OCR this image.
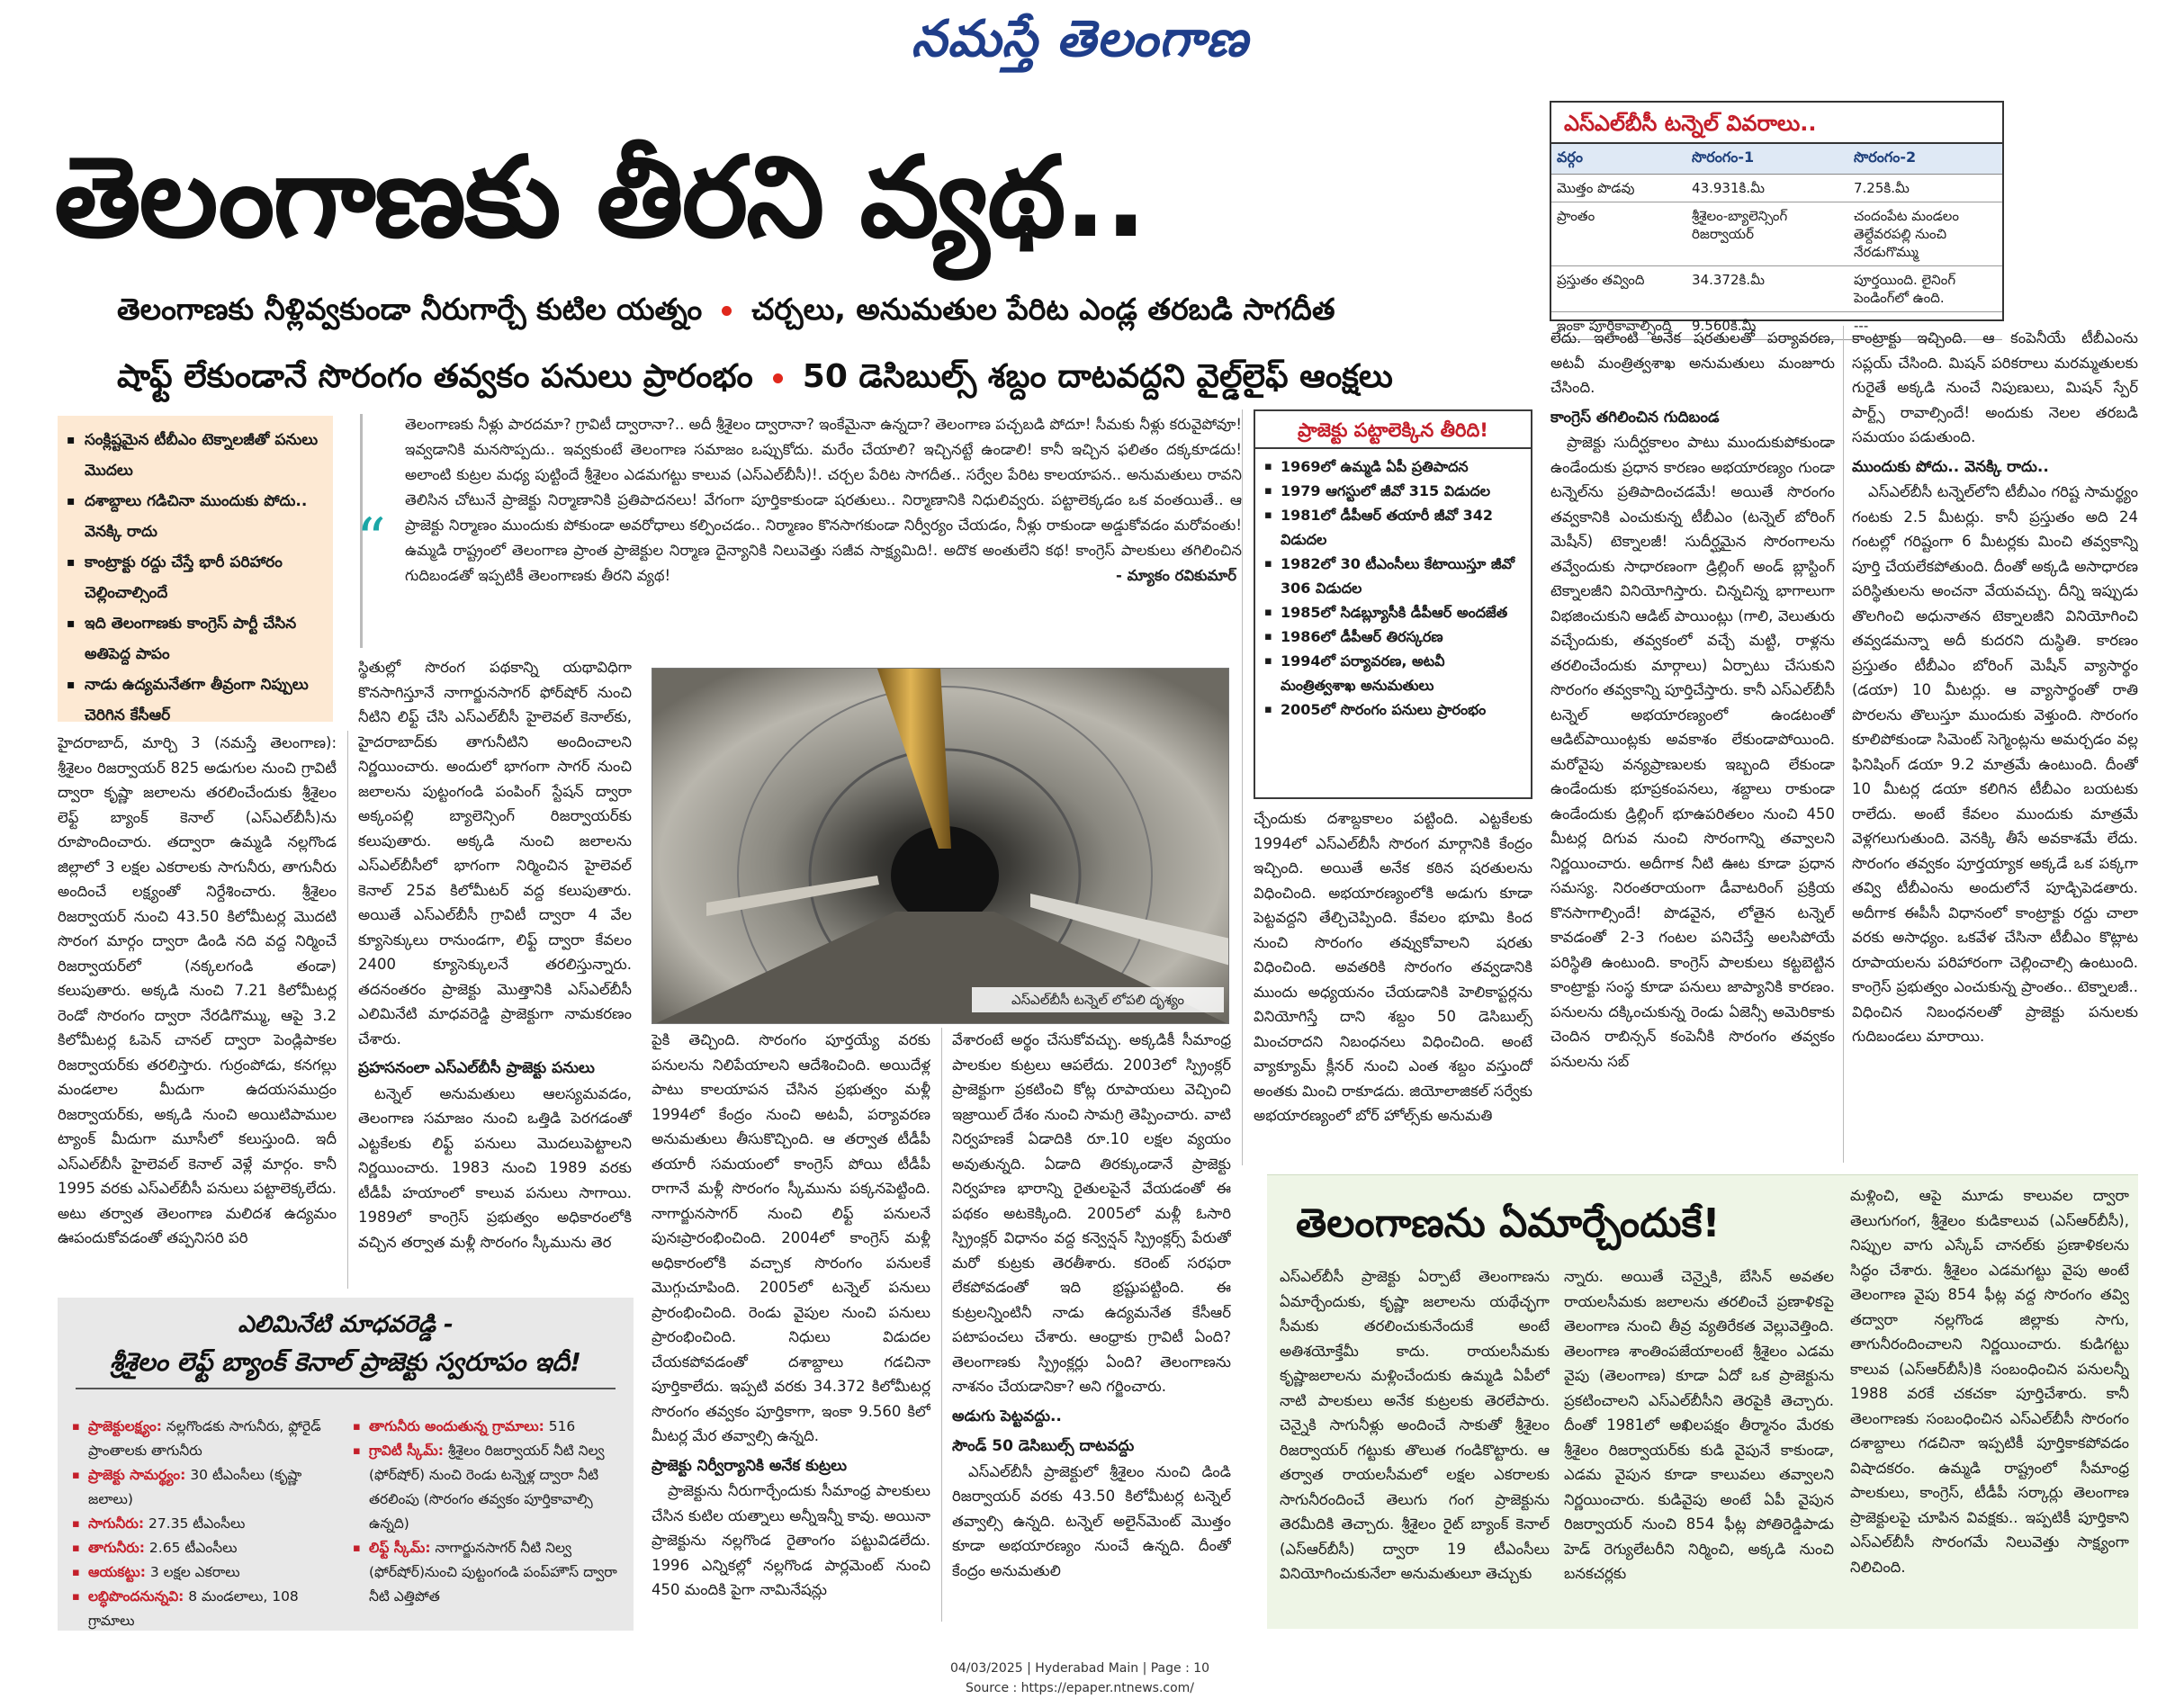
నమస్తే తెలంగాణ
తెలంగాణకు తీరని వ్యథ..
తెలంగాణకు నీళ్లివ్వకుండా నీరుగార్చే కుటిల యత్నం చర్చలు, అనుమతుల పేరిట ఎండ్ల తరబడి సాగదీత
షాఫ్ట్ లేకుండానే సొరంగం తవ్వకం పనులు ప్రారంభం 50 డెసిబుల్స్ శబ్దం దాటవద్దని వైల్డ్‌లైఫ్ ఆంక్షలు
ఎస్‌ఎల్‌బీసీ టన్నెల్ వివరాలు..
వర్గం	సొరంగం-1	సొరంగం-2
మొత్తం పొడవు	43.931కి.మీ	7.25కి.మీ
ప్రాంతం	శ్రీశైలం-బ్యాలెన్సింగ్ రిజర్వాయర్	చందంపేట మండలం తెల్దేవరపల్లి నుంచి నేరడుగొమ్ము
ప్రస్తుతం తవ్వింది	34.372కి.మీ	పూర్తయింది. లైనింగ్ పెండింగ్‌లో ఉంది.
ఇంకా పూర్తికావాల్సింది	9.560కి.మీ	---
▪ సంక్లిష్టమైన టీబీఎం టెక్నాలజీతో పనులు మొదలు
▪ దశాబ్దాలు గడిచినా ముందుకు పోదు.. వెనక్కి రాదు
▪ కాంట్రాక్టు రద్దు చేస్తే భారీ పరిహారం చెల్లించాల్సిందే
▪ ఇది తెలంగాణకు కాంగ్రెస్ పార్టీ చేసిన అతిపెద్ద పాపం
▪ నాడు ఉద్యమనేతగా తీవ్రంగా నిప్పులు చెరిగిన కేసీఆర్
“
తెలంగాణకు నీళ్లు పారదమా? గ్రావిటీ ద్వారానా?.. అదీ శ్రీశైలం ద్వారానా? ఇంకేమైనా ఉన్నదా? తెలంగాణ పచ్చబడి పోదూ! సీమకు నీళ్లు కరువైపోవూ! ఇవ్వడానికి మనసొప్పదు.. ఇవ్వకుంటే తెలంగాణ సమాజం ఒప్పుకోదు. మరేం చేయాలి? ఇచ్చినట్టే ఉండాలి! కానీ ఇచ్చిన ఫలితం దక్కకూడదు! అలాంటి కుట్రల మధ్య పుట్టిందే శ్రీశైలం ఎడమగట్టు కాలువ (ఎస్‌ఎల్‌బీసీ)!. చర్చల పేరిట సాగదీత.. సర్వేల పేరిట కాలయాపన.. అనుమతులు రావని తెలిసిన చోటునే ప్రాజెక్టు నిర్మాణానికి ప్రతిపాదనలు! వేగంగా పూర్తికాకుండా షరతులు.. నిర్మాణానికి నిధులివ్వరు. పట్టాలెక్కడం ఒక వంతయితే.. ఆ ప్రాజెక్టు నిర్మాణం ముందుకు పోకుండా అవరోధాలు కల్పించడం.. నిర్మాణం కొనసాగకుండా నిర్వీర్యం చేయడం, నీళ్లు రాకుండా అడ్డుకోవడం మరోవంతు! ఉమ్మడి రాష్ట్రంలో తెలంగాణ ప్రాంత ప్రాజెక్టుల నిర్మాణ దైన్యానికి నిలువెత్తు సజీవ సాక్ష్యమిది!. అదొక అంతులేని కథ! కాంగ్రెస్ పాలకులు తగిలించిన గుదిబండతో ఇప్పటికీ తెలంగాణకు తీరని వ్యథ!	- మ్యాకం రవికుమార్

హైదరాబాద్, మార్చి 3 (నమస్తే తెలంగాణ): శ్రీశైలం రిజర్వాయర్ 825 అడుగుల నుంచి గ్రావిటీ ద్వారా కృష్ణా జలాలను తరలించేందుకు శ్రీశైలం లెఫ్ట్ బ్యాంక్ కెనాల్ (ఎస్‌ఎల్‌బీసీ)ను రూపొందించారు. తద్వారా ఉమ్మడి నల్లగొండ జిల్లాలో 3 లక్షల ఎకరాలకు సాగునీరు, తాగునీరు అందించే లక్ష్యంతో నిర్దేశించారు. శ్రీశైలం రిజర్వాయర్ నుంచి 43.50 కిలోమీటర్ల మొదటి సొరంగ మార్గం ద్వారా డిండి నది వద్ద నిర్మించే రిజర్వాయర్‌లో (నక్కలగండి తండా) కలుపుతారు. అక్కడి నుంచి 7.21 కిలోమీటర్ల రెండో సొరంగం ద్వారా నేరడిగొమ్ము, ఆపై 3.2 కిలోమీటర్ల ఓపెన్ చానల్ ద్వారా పెండ్లిపాకల రిజర్వాయర్‌కు తరలిస్తారు. గుర్రంపోడు, కనగల్లు మండలాల మీదుగా ఉదయసముద్రం రిజర్వాయర్‌కు, అక్కడి నుంచి అయిటిపాముల ట్యాంక్ మీదుగా మూసీలో కలుస్తుంది. ఇదీ ఎస్‌ఎల్‌బీసీ హైలెవల్ కెనాల్ వెళ్లే మార్గం. కానీ 1995 వరకు ఎస్‌ఎల్‌బీసీ పనులు పట్టాలెక్కలేదు. అటు తర్వాత తెలంగాణ మలిదశ ఉద్యమం ఊపందుకోవడంతో తప్పనిసరి పరి

స్థితుల్లో సొరంగ పథకాన్ని యథావిధిగా కొనసాగిస్తూనే నాగార్జునసాగర్ ఫోర్‌షోర్ నుంచి నీటిని లిఫ్ట్ చేసి ఎస్‌ఎల్‌బీసీ హైలెవల్ కెనాల్‌కు, హైదరాబాద్‌కు తాగునీటిని అందించాలని నిర్ణయించారు. అందులో భాగంగా సాగర్ నుంచి జలాలను పుట్టంగండి పంపింగ్ స్టేషన్ ద్వారా అక్కంపల్లి బ్యాలెన్సింగ్ రిజర్వాయర్‌కు కలుపుతారు. అక్కడి నుంచి జలాలను ఎస్‌ఎల్‌బీసీలో భాగంగా నిర్మించిన హైలెవల్ కెనాల్ 25వ కిలోమీటర్ వద్ద కలుపుతారు. అయితే ఎస్‌ఎల్‌బీసీ గ్రావిటీ ద్వారా 4 వేల క్యూసెక్కులు రానుండగా, లిఫ్ట్ ద్వారా కేవలం 2400 క్యూసెక్కులనే తరలిస్తున్నారు. తదనంతరం ప్రాజెక్టు మొత్తానికి ఎస్‌ఎల్‌బీసీ ఎలిమినేటి మాధవరెడ్డి ప్రాజెక్టుగా నామకరణం చేశారు.

ప్రహసనంలా ఎస్‌ఎల్‌బీసీ ప్రాజెక్టు పనులు

టన్నెల్ అనుమతులు ఆలస్యమవడం, తెలంగాణ సమాజం నుంచి ఒత్తిడి పెరగడంతో ఎట్టకేలకు లిఫ్ట్ పనులు మొదలుపెట్టాలని నిర్ణయించారు. 1983 నుంచి 1989 వరకు టీడీపీ హయాంలో కాలువ పనులు సాగాయి. 1989లో కాంగ్రెస్ ప్రభుత్వం అధికారంలోకి వచ్చిన తర్వాత మళ్లీ సొరంగం స్కీమును తెర

ఎస్‌ఎల్‌బీసీ టన్నెల్ లోపలి దృశ్యం

పైకి తెచ్చింది. సొరంగం పూర్తయ్యే వరకు పనులను నిలిపేయాలని ఆదేశించింది. అయిదేళ్ల పాటు కాలయాపన చేసిన ప్రభుత్వం మళ్లీ 1994లో కేంద్రం నుంచి అటవీ, పర్యావరణ అనుమతులు తీసుకొచ్చింది. ఆ తర్వాత టీడీపీ తయారీ సమయంలో కాంగ్రెస్ పోయి టీడీపీ రాగానే మళ్లీ సొరంగం స్కీమును పక్కనపెట్టింది. నాగార్జునసాగర్ నుంచి లిఫ్ట్ పనులనే పునఃప్రారంభించింది. 2004లో కాంగ్రెస్ మళ్లీ అధికారంలోకి వచ్చాక సొరంగం పనులకే మొగ్గుచూపింది. 2005లో టన్నెల్ పనులు ప్రారంభించింది. రెండు వైపుల నుంచి పనులు ప్రారంభించింది. నిధులు విడుదల చేయకపోవడంతో దశాబ్దాలు గడచినా పూర్తికాలేదు. ఇప్పటి వరకు 34.372 కిలోమీటర్ల సొరంగం తవ్వకం పూర్తికాగా, ఇంకా 9.560 కిలో మీటర్ల మేర తవ్వాల్సి ఉన్నది.

ప్రాజెక్టు నిర్వీర్యానికి అనేక కుట్రలు

ప్రాజెక్టును నీరుగార్చేందుకు సీమాంధ్ర పాలకులు చేసిన కుటిల యత్నాలు అన్నీఇన్నీ కావు. అయినా ప్రాజెక్టును నల్లగొండ రైతాంగం పట్టువిడలేదు. 1996 ఎన్నికల్లో నల్లగొండ పార్లమెంట్ నుంచి 450 మందికి పైగా నామినేషన్లు

వేశారంటే అర్థం చేసుకోవచ్చు. అక్కడికీ సీమాంధ్ర పాలకుల కుట్రలు ఆపలేదు. 2003లో స్ప్రింక్లర్ ప్రాజెక్టుగా ప్రకటించి కోట్ల రూపాయలు వెచ్చించి ఇజ్రాయిల్ దేశం నుంచి సామగ్రి తెప్పించారు. వాటి నిర్వహణకే ఏడాదికి రూ.10 లక్షల వ్యయం అవుతున్నది. ఏడాది తిరక్కుండానే ప్రాజెక్టు నిర్వహణ భారాన్ని రైతులపైనే వేయడంతో ఈ పథకం అటకెక్కింది. 2005లో మళ్లీ ఓసారి స్ప్రింక్లర్ విధానం వద్ద కన్వెన్షన్ స్ప్రింక్లర్స్ పేరుతో మరో కుట్రకు తెరతీశారు. కరెంట్ సరఫరా లేకపోవడంతో ఇది భ్రష్టుపట్టింది. ఈ కుట్రలన్నింటినీ నాడు ఉద్యమనేత కేసీఆర్ పటాపంచలు చేశారు. ఆంధ్రాకు గ్రావిటీ ఏంది? తెలంగాణకు స్ప్రింక్లర్లు ఏంది? తెలంగాణను నాశనం చేయడానికా? అని గర్జించారు.

అడుగు పెట్టవద్దు..

సౌండ్ 50 డెసిబుల్స్ దాటవద్దు

ఎస్‌ఎల్‌బీసీ ప్రాజెక్టులో శ్రీశైలం నుంచి డిండి రిజర్వాయర్ వరకు 43.50 కిలోమీటర్ల టన్నెల్ తవ్వాల్సి ఉన్నది. టన్నెల్ అలైన్‌మెంట్ మొత్తం కూడా అభయారణ్యం నుంచే ఉన్నది. దీంతో కేంద్రం అనుమతులి

ప్రాజెక్టు పట్టాలెక్కిన తీరిది!
▪ 1969లో ఉమ్మడి ఏపీ ప్రతిపాదన
▪ 1979 ఆగస్టులో జీవో 315 విడుదల
▪ 1981లో డీపీఆర్ తయారీ జీవో 342 విడుదల
▪ 1982లో 30 టీఎంసీలు కేటాయిస్తూ జీవో 306 విడుదల
▪ 1985లో సిడబ్ల్యూసీకి డీపీఆర్ అందజేత
▪ 1986లో డీపీఆర్ తిరస్కరణ
▪ 1994లో పర్యావరణ, అటవీ మంత్రిత్వశాఖ అనుమతులు
▪ 2005లో సొరంగం పనులు ప్రారంభం

చ్చేందుకు దశాబ్దకాలం పట్టింది. ఎట్టకేలకు 1994లో ఎస్‌ఎల్‌బీసీ సొరంగ మార్గానికి కేంద్రం ఇచ్చింది. అయితే అనేక కఠిన షరతులను విధించింది. అభయారణ్యంలోకి అడుగు కూడా పెట్టవద్దని తేల్చిచెప్పింది. కేవలం భూమి కింద నుంచి సొరంగం తవ్వుకోవాలని షరతు విధించింది. అవతరికి సొరంగం తవ్వడానికి ముందు అధ్యయనం చేయడానికి హెలికాప్టర్లను వినియోగిస్తే దాని శబ్దం 50 డెసిబుల్స్ మించరాదని నిబంధనలు విధించింది. అంటే వ్యాక్యూమ్ క్లీనర్ నుంచి ఎంత శబ్దం వస్తుందో అంతకు మించి రాకూడదు. జియోలాజికల్ సర్వేకు అభయారణ్యంలో బోర్ హోల్స్‌కు అనుమతి

లేదు. ఇలాంటి అనేక షరతులతో పర్యావరణ, అటవీ మంత్రిత్వశాఖ అనుమతులు మంజూరు చేసింది.

కాంగ్రెస్ తగిలించిన గుదిబండ

ప్రాజెక్టు సుదీర్ఘకాలం పాటు ముందుకుపోకుండా ఉండేందుకు ప్రధాన కారణం అభయారణ్యం గుండా టన్నెల్‌ను ప్రతిపాదించడమే! అయితే సొరంగం తవ్వకానికి ఎంచుకున్న టీబీఎం (టన్నెల్ బోరింగ్ మెషీన్) టెక్నాలజీ! సుదీర్ఘమైన సొరంగాలను తవ్వేందుకు సాధారణంగా డ్రిల్లింగ్ అండ్ బ్లాస్టింగ్ టెక్నాలజీని వినియోగిస్తారు. చిన్నచిన్న భాగాలుగా విభజించుకుని ఆడిట్ పాయింట్లు (గాలి, వెలుతురు వచ్చేందుకు, తవ్వకంలో వచ్చే మట్టి, రాళ్లను తరలించేందుకు మార్గాలు) ఏర్పాటు చేసుకుని సొరంగం తవ్వకాన్ని పూర్తిచేస్తారు. కానీ ఎస్‌ఎల్‌బీసీ టన్నెల్ అభయారణ్యంలో ఉండటంతో ఆడిట్‌పాయింట్లకు అవకాశం లేకుండాపోయింది. మరోవైపు వన్యప్రాణులకు ఇబ్బంది లేకుండా ఉండేందుకు భూప్రకంపనలు, శబ్దాలు రాకుండా ఉండేందుకు డ్రిల్లింగ్ భూఉపరితలం నుంచి 450 మీటర్ల దిగువ నుంచి సొరంగాన్ని తవ్వాలని నిర్ణయించారు. అదీగాక నీటి ఊట కూడా ప్రధాన సమస్య. నిరంతరాయంగా డీవాటరింగ్ ప్రక్రియ కొనసాగాల్సిందే! పొడవైన, లోతైన టన్నెల్ కావడంతో 2-3 గంటల పనిచేస్తే అలసిపోయే పరిస్థితి ఉంటుంది. కాంగ్రెస్ పాలకులు కట్టబెట్టిన కాంట్రాక్టు సంస్థ కూడా పనులు జాప్యానికి కారణం. పనులను దక్కించుకున్న రెండు ఏజెన్సీ అమెరికాకు చెందిన రాబిన్సన్ కంపెనీకి సొరంగం తవ్వకం పనులను సబ్

కాంట్రాక్టు ఇచ్చింది. ఆ కంపెనీయే టీబీఎంను సప్లయ్ చేసింది. మిషన్ పరికరాలు మరమ్మతులకు గురైతే అక్కడి నుంచే నిపుణులు, మిషన్ స్పేర్ పార్ట్స్ రావాల్సిందే! అందుకు నెలల తరబడి సమయం పడుతుంది.

ముందుకు పోదు.. వెనక్కి రాదు..

ఎస్‌ఎల్‌బీసీ టన్నెల్‌లోని టీబీఎం గరిష్ట సామర్థ్యం గంటకు 2.5 మీటర్లు. కానీ ప్రస్తుతం అది 24 గంటల్లో గరిష్టంగా 6 మీటర్లకు మించి తవ్వకాన్ని పూర్తి చేయలేకపోతుంది. దీంతో అక్కడి అసాధారణ పరిస్థితులను అంచనా వేయవచ్చు. దీన్ని ఇప్పుడు తొలగించి అధునాతన టెక్నాలజీని వినియోగించి తవ్వడమన్నా అదీ కుదరని దుస్థితి. కారణం ప్రస్తుతం టీబీఎం బోరింగ్ మెషీన్ వ్యాసార్థం (డయా) 10 మీటర్లు. ఆ వ్యాసార్థంతో రాతి పొరలను తొలుస్తూ ముందుకు వెళ్తుంది. సొరంగం కూలిపోకుండా సిమెంట్ సెగ్మెంట్లను అమర్చడం వల్ల ఫినిషింగ్ డయా 9.2 మాత్రమే ఉంటుంది. దీంతో 10 మీటర్ల డయా కలిగిన టీబీఎం బయటకు రాలేదు. అంటే కేవలం ముందుకు మాత్రమే వెళ్లగలుగుతుంది. వెనక్కి తీసే అవకాశమే లేదు. సొరంగం తవ్వకం పూర్తయ్యాక అక్కడే ఒక పక్కగా తవ్వి టీబీఎంను అందులోనే పూడ్చిపెడతారు. అదీగాక ఈపీసీ విధానంలో కాంట్రాక్టు రద్దు చాలా వరకు అసాధ్యం. ఒకవేళ చేసినా టీబీఎం కొట్లాట రూపాయలను పరిహారంగా చెల్లించాల్సి ఉంటుంది. కాంగ్రెస్ ప్రభుత్వం ఎంచుకున్న ప్రాంతం.. టెక్నాలజీ.. విధించిన నిబంధనలతో ప్రాజెక్టు పనులకు గుదిబండలు మారాయి.

ఎలిమినేటి మాధవరెడ్డి -
శ్రీశైలం లెఫ్ట్ బ్యాంక్ కెనాల్ ప్రాజెక్టు స్వరూపం ఇదీ!
▪ ప్రాజెక్టులక్ష్యం: నల్లగొండకు సాగునీరు, ఫ్లోరైడ్ ప్రాంతాలకు తాగునీరు
▪ ప్రాజెక్టు సామర్థ్యం: 30 టీఎంసీలు (కృష్ణా జలాలు)
▪ సాగునీరు: 27.35 టీఎంసీలు
▪ తాగునీరు: 2.65 టీఎంసీలు
▪ ఆయకట్టు: 3 లక్షల ఎకరాలు
▪ లబ్ధిపొందనున్నవి: 8 మండలాలు, 108 గ్రామాలు
▪ తాగునీరు అందుతున్న గ్రామాలు: 516
▪ గ్రావిటీ స్కీమ్: శ్రీశైలం రిజర్వాయర్ నీటి నిల్వ (ఫోర్‌షోర్) నుంచి రెండు టన్నెళ్ల ద్వారా నీటి తరలింపు (సొరంగం తవ్వకం పూర్తికావాల్సి ఉన్నది)
▪ లిఫ్ట్ స్కీమ్: నాగార్జునసాగర్ నీటి నిల్వ (ఫోర్‌షోర్)నుంచి పుట్టంగండి పంప్‌హౌస్ ద్వారా నీటి ఎత్తిపోత
తెలంగాణను ఏమార్చేందుకే!

ఎస్‌ఎల్‌బీసీ ప్రాజెక్టు ఏర్పాటే తెలంగాణను ఏమార్చేందుకు, కృష్ణా జలాలను యథేచ్ఛగా సీమకు తరలించుకునేందుకే అంటే అతిశయోక్తేమీ కాదు. రాయలసీమకు కృష్ణాజలాలను మళ్లించేందుకు ఉమ్మడి ఏపీలో నాటి పాలకులు అనేక కుట్రలకు తెరలేపారు. చెన్నైకి సాగునీళ్లు అందించే సాకుతో శ్రీశైలం రిజర్వాయర్ గట్టుకు తొలుత గండికొట్టారు. ఆ తర్వాత రాయలసీమలో లక్షల ఎకరాలకు సాగునీరందించే తెలుగు గంగ ప్రాజెక్టును తెరమీదికి తెచ్చారు. శ్రీశైలం రైట్ బ్యాంక్ కెనాల్ (ఎస్‌ఆర్‌బీసీ) ద్వారా 19 టీఎంసీలు వినియోగించుకునేలా అనుమతులూ తెచ్చుకు

న్నారు. అయితే చెన్నైకి, బేసిన్ అవతల రాయలసీమకు జలాలను తరలించే ప్రణాళికపై తెలంగాణ నుంచి తీవ్ర వ్యతిరేకత వెల్లువెత్తింది. తెలంగాణ శాంతింపజేయాలంటే శ్రీశైలం ఎడమ వైపు (తెలంగాణ) కూడా ఏదో ఒక ప్రాజెక్టును ప్రకటించాలని ఎస్‌ఎల్‌బీసీని తెరపైకి తెచ్చారు. దీంతో 1981లో అఖిలపక్షం తీర్మానం మేరకు శ్రీశైలం రిజర్వాయర్‌కు కుడి వైపునే కాకుండా, ఎడమ వైపున కూడా కాలువలు తవ్వాలని నిర్ణయించారు. కుడివైపు అంటే ఏపీ వైపున రిజర్వాయర్ నుంచి 854 ఫీట్ల పోతిరెడ్డిపాడు హెడ్ రెగ్యులేటరీని నిర్మించి, అక్కడి నుంచి బనకచర్లకు

మళ్లించి, ఆపై మూడు కాలువల ద్వారా తెలుగుగంగ, శ్రీశైలం కుడికాలువ (ఎస్‌ఆర్‌బీసీ), నిప్పుల వాగు ఎస్కేప్ చానల్‌కు ప్రణాళికలను సిద్ధం చేశారు. శ్రీశైలం ఎడమగట్టు వైపు అంటే తెలంగాణ వైపు 854 ఫీట్ల వద్ద సొరంగం తవ్వి తద్వారా నల్లగొండ జిల్లాకు సాగు, తాగునీరందించాలని నిర్ణయించారు. కుడిగట్టు కాలువ (ఎస్‌ఆర్‌బీసీ)కి సంబంధించిన పనులన్నీ 1988 వరకే చకచకా పూర్తిచేశారు. కానీ తెలంగాణకు సంబంధించిన ఎస్‌ఎల్‌బీసీ సొరంగం దశాబ్దాలు గడచినా ఇప్పటికీ పూర్తికాకపోవడం విషాదకరం. ఉమ్మడి రాష్ట్రంలో సీమాంధ్ర పాలకులు, కాంగ్రెస్, టీడీపీ సర్కార్లు తెలంగాణ ప్రాజెక్టులపై చూపిన వివక్షకు.. ఇప్పటికీ పూర్తికాని ఎస్‌ఎల్‌బీసీ సొరంగమే నిలువెత్తు సాక్ష్యంగా నిలిచింది.

04/03/2025 | Hyderabad Main | Page : 10
Source : https://epaper.ntnews.com/
